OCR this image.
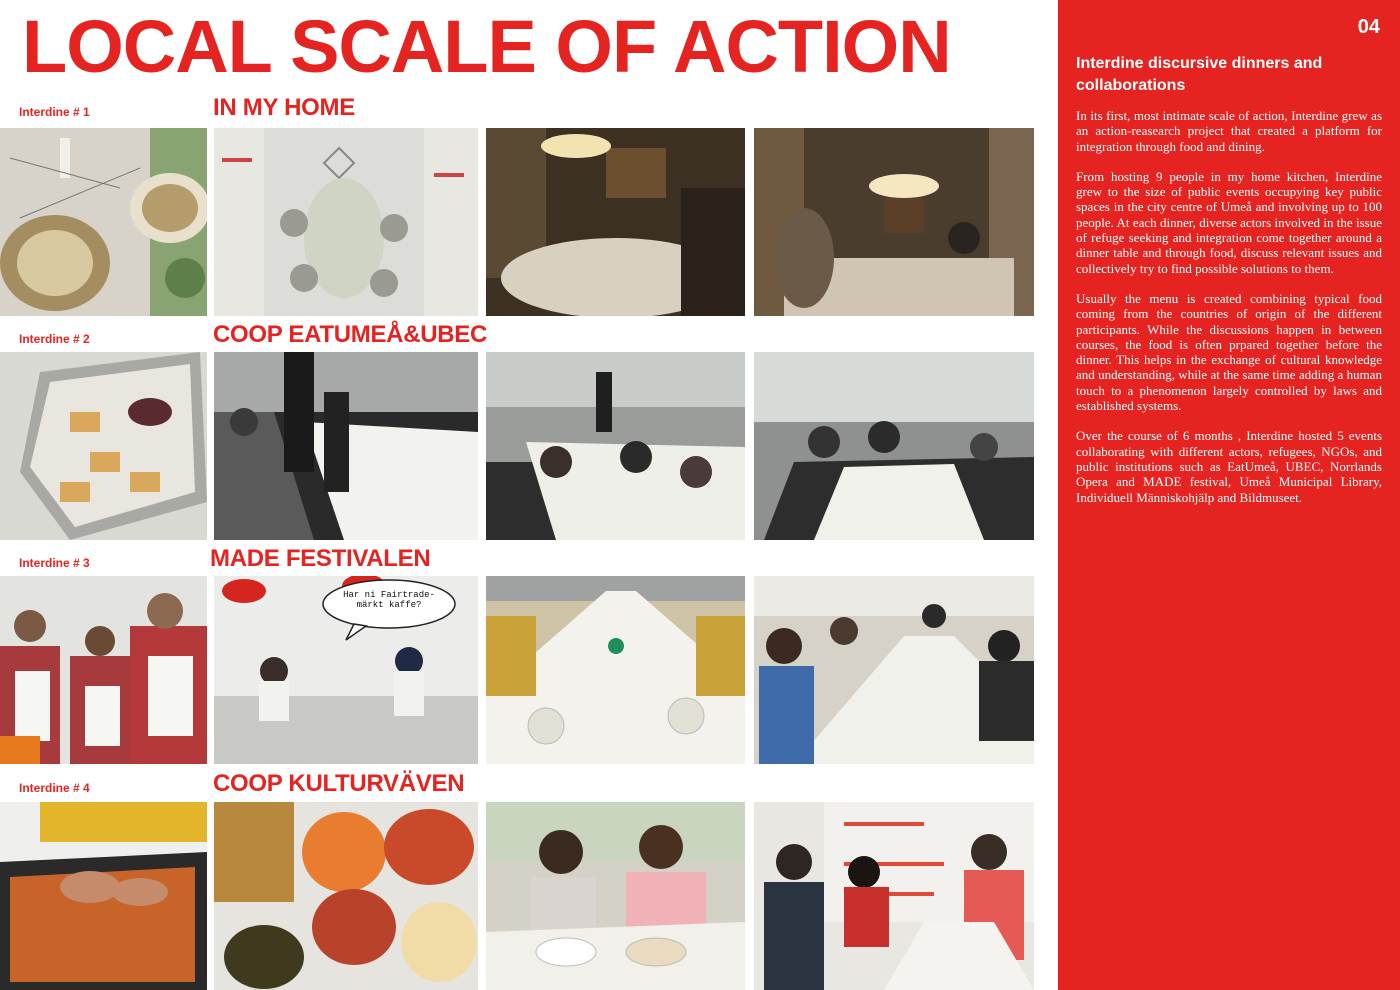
LOCAL SCALE OF ACTION
Interdine # 1	IN MY HOME
Interdine # 2	COOP EATUMEÅ&UBEC
Interdine # 3	MADE FESTIVALEN
Har ni Fairtrade-märkt kaffe?
Interdine # 4	COOP KULTURVÄVEN
04
Interdine discursive dinners and collaborations

In its first, most intimate scale of action, Interdine grew as an action-reasearch project that created a platform for integration through food and dining.

From hosting 9 people in my home kitchen, Interdine grew to the size of public events occupying key public spaces in the city centre of Umeå and involving up to 100 people. At each dinner, diverse actors involved in the issue of refuge seeking and integration come together around a dinner table and through food, discuss relevant issues and collectively try to find possible solutions to them.

Usually the menu is created combining typical food coming from the countries of origin of the different participants. While the discussions happen in between courses, the food is often prpared together before the dinner. This helps in the exchange of cultural knowledge and understanding, while at the same time adding a human touch to a phenomenon largely controlled by laws and established systems.

Over the course of 6 months , Interdine hosted 5 events collaborating with different actors, refugees, NGOs, and public institutions such as EatUmeå, UBEC, Norrlands Opera and MADE festival, Umeå Municipal Library, Individuell Människohjälp and Bildmuseet.
